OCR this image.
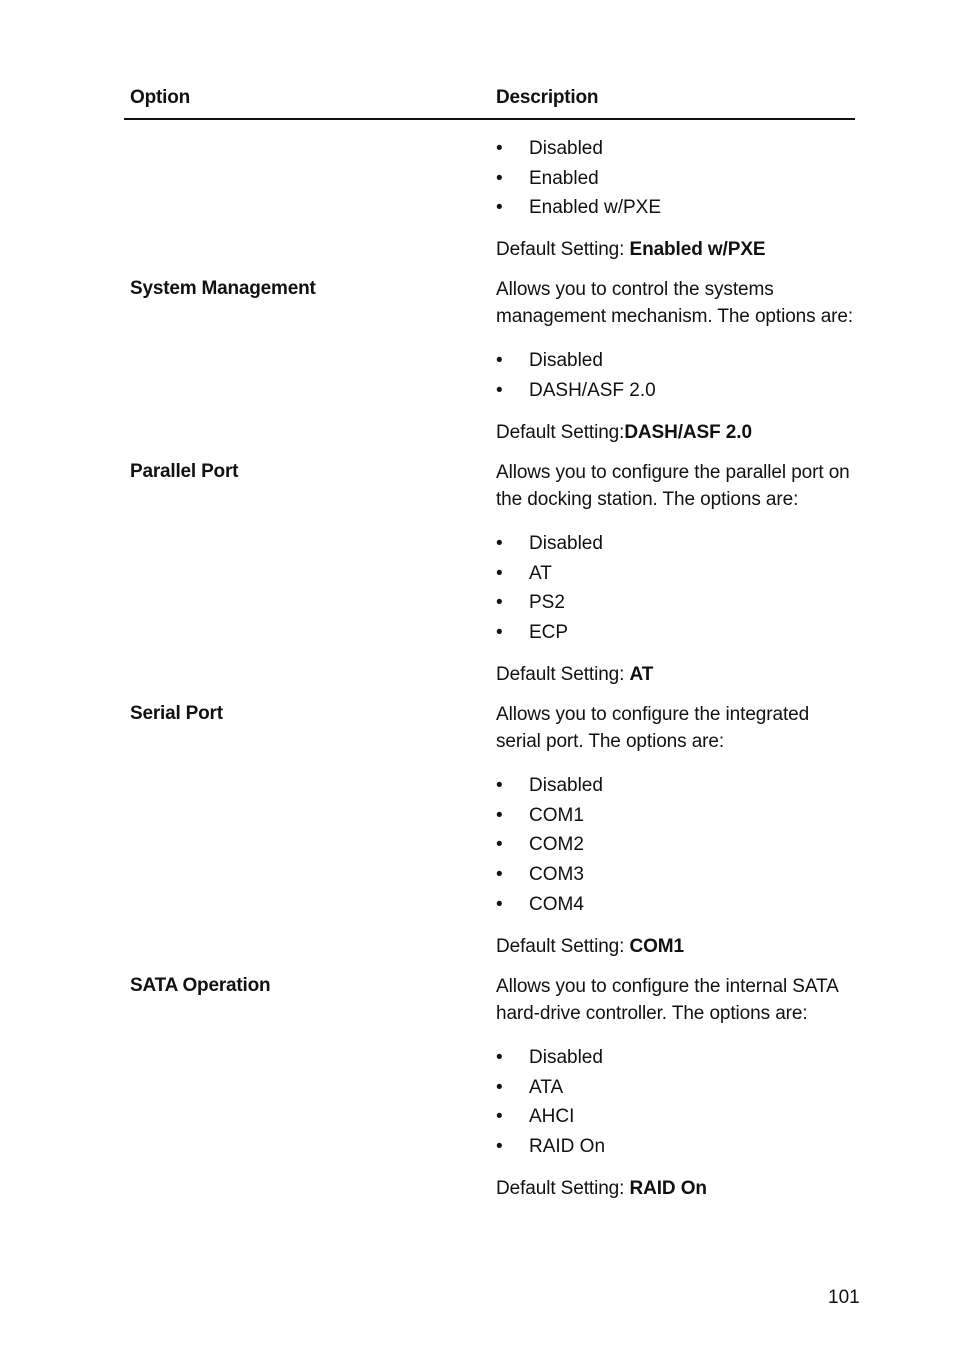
Option	Description
• Disabled
• Enabled
• Enabled w/PXE
Default Setting: Enabled w/PXE
System Management	Allows you to control the systems management mechanism. The options are:
• Disabled
• DASH/ASF 2.0
Default Setting:DASH/ASF 2.0
Parallel Port	Allows you to configure the parallel port on the docking station. The options are:
• Disabled
• AT
• PS2
• ECP
Default Setting: AT
Serial Port	Allows you to configure the integrated serial port. The options are:
• Disabled
• COM1
• COM2
• COM3
• COM4
Default Setting: COM1
SATA Operation	Allows you to configure the internal SATA hard-drive controller. The options are:
• Disabled
• ATA
• AHCI
• RAID On
Default Setting: RAID On
101
